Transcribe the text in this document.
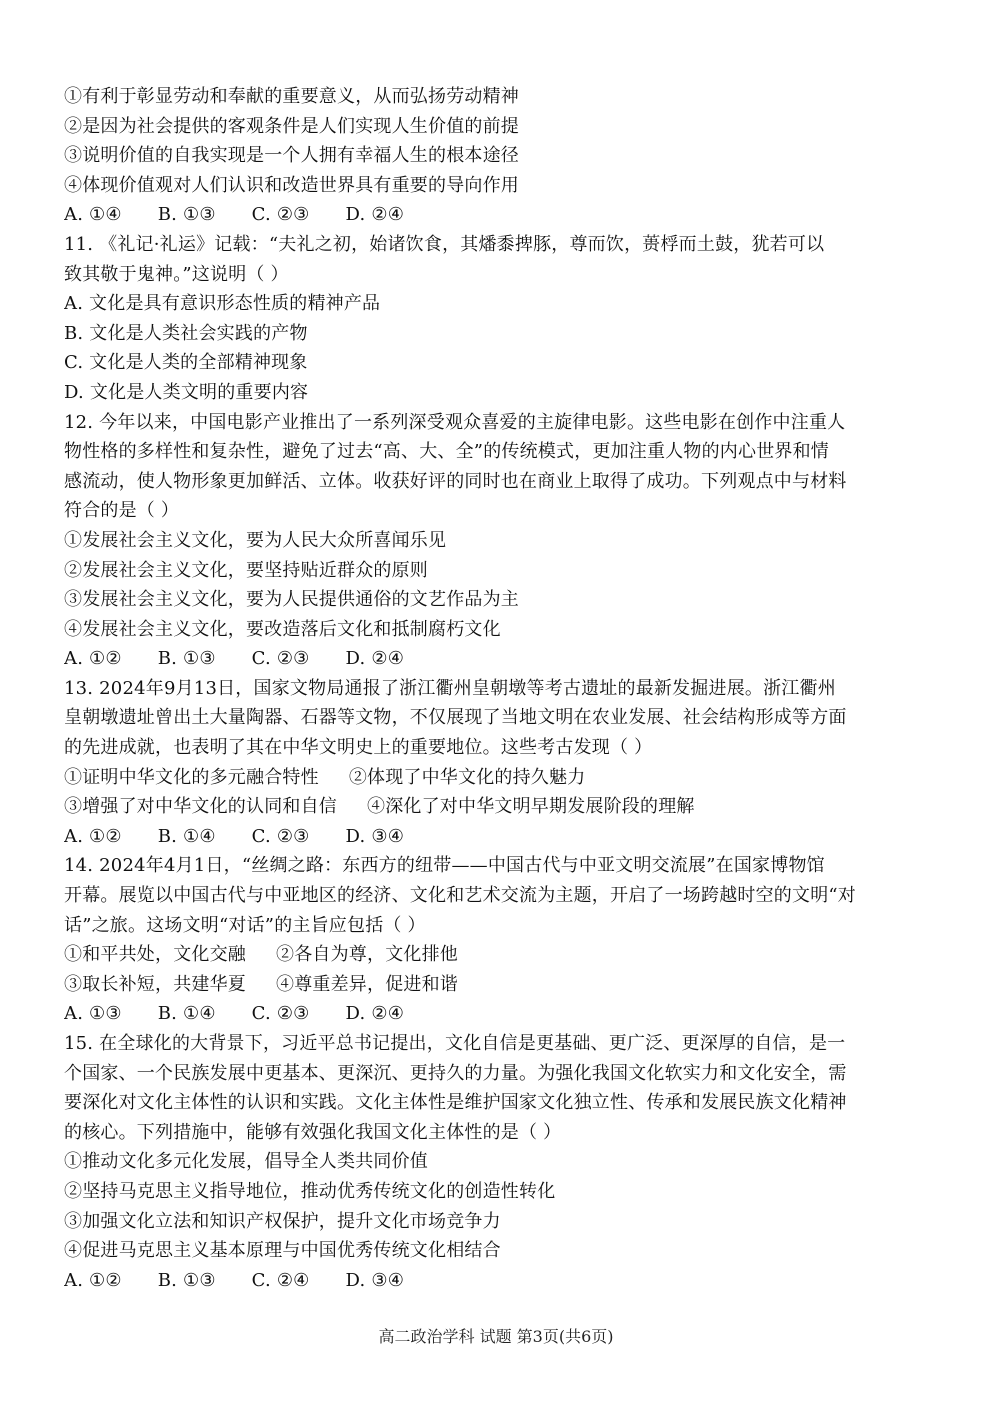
①有利于彰显劳动和奉献的重要意义，从而弘扬劳动精神
②是因为社会提供的客观条件是人们实现人生价值的前提
③说明价值的自我实现是一个人拥有幸福人生的根本途径
④体现价值观对人们认识和改造世界具有重要的导向作用
A. ①④ B. ①③ C. ②③ D. ②④
11. 《礼记·礼运》记载：“夫礼之初，始诸饮食，其燔黍捭豚，尊而饮，蒉桴而土鼓，犹若可以
致其敬于鬼神。”这说明（ ）
A. 文化是具有意识形态性质的精神产品
B. 文化是人类社会实践的产物
C. 文化是人类的全部精神现象
D. 文化是人类文明的重要内容
12. 今年以来，中国电影产业推出了一系列深受观众喜爱的主旋律电影。这些电影在创作中注重人
物性格的多样性和复杂性，避免了过去“高、大、全”的传统模式，更加注重人物的内心世界和情
感流动，使人物形象更加鲜活、立体。收获好评的同时也在商业上取得了成功。下列观点中与材料
符合的是（ ）
①发展社会主义文化，要为人民大众所喜闻乐见
②发展社会主义文化，要坚持贴近群众的原则
③发展社会主义文化，要为人民提供通俗的文艺作品为主
④发展社会主义文化，要改造落后文化和抵制腐朽文化
A. ①② B. ①③ C. ②③ D. ②④
13. 2024年9月13日，国家文物局通报了浙江衢州皇朝墩等考古遗址的最新发掘进展。浙江衢州
皇朝墩遗址曾出土大量陶器、石器等文物，不仅展现了当地文明在农业发展、社会结构形成等方面
的先进成就，也表明了其在中华文明史上的重要地位。这些考古发现（ ）
①证明中华文化的多元融合特性 ②体现了中华文化的持久魅力
③增强了对中华文化的认同和自信 ④深化了对中华文明早期发展阶段的理解
A. ①② B. ①④ C. ②③ D. ③④
14. 2024年4月1日，“丝绸之路：东西方的纽带——中国古代与中亚文明交流展”在国家博物馆
开幕。展览以中国古代与中亚地区的经济、文化和艺术交流为主题，开启了一场跨越时空的文明“对
话”之旅。这场文明“对话”的主旨应包括（ ）
①和平共处，文化交融 ②各自为尊，文化排他
③取长补短，共建华夏 ④尊重差异，促进和谐
A. ①③ B. ①④ C. ②③ D. ②④
15. 在全球化的大背景下，习近平总书记提出，文化自信是更基础、更广泛、更深厚的自信，是一
个国家、一个民族发展中更基本、更深沉、更持久的力量。为强化我国文化软实力和文化安全，需
要深化对文化主体性的认识和实践。文化主体性是维护国家文化独立性、传承和发展民族文化精神
的核心。下列措施中，能够有效强化我国文化主体性的是（ ）
①推动文化多元化发展，倡导全人类共同价值
②坚持马克思主义指导地位，推动优秀传统文化的创造性转化
③加强文化立法和知识产权保护，提升文化市场竞争力
④促进马克思主义基本原理与中国优秀传统文化相结合
A. ①② B. ①③ C. ②④ D. ③④
高二政治学科 试题 第3页(共6页)
